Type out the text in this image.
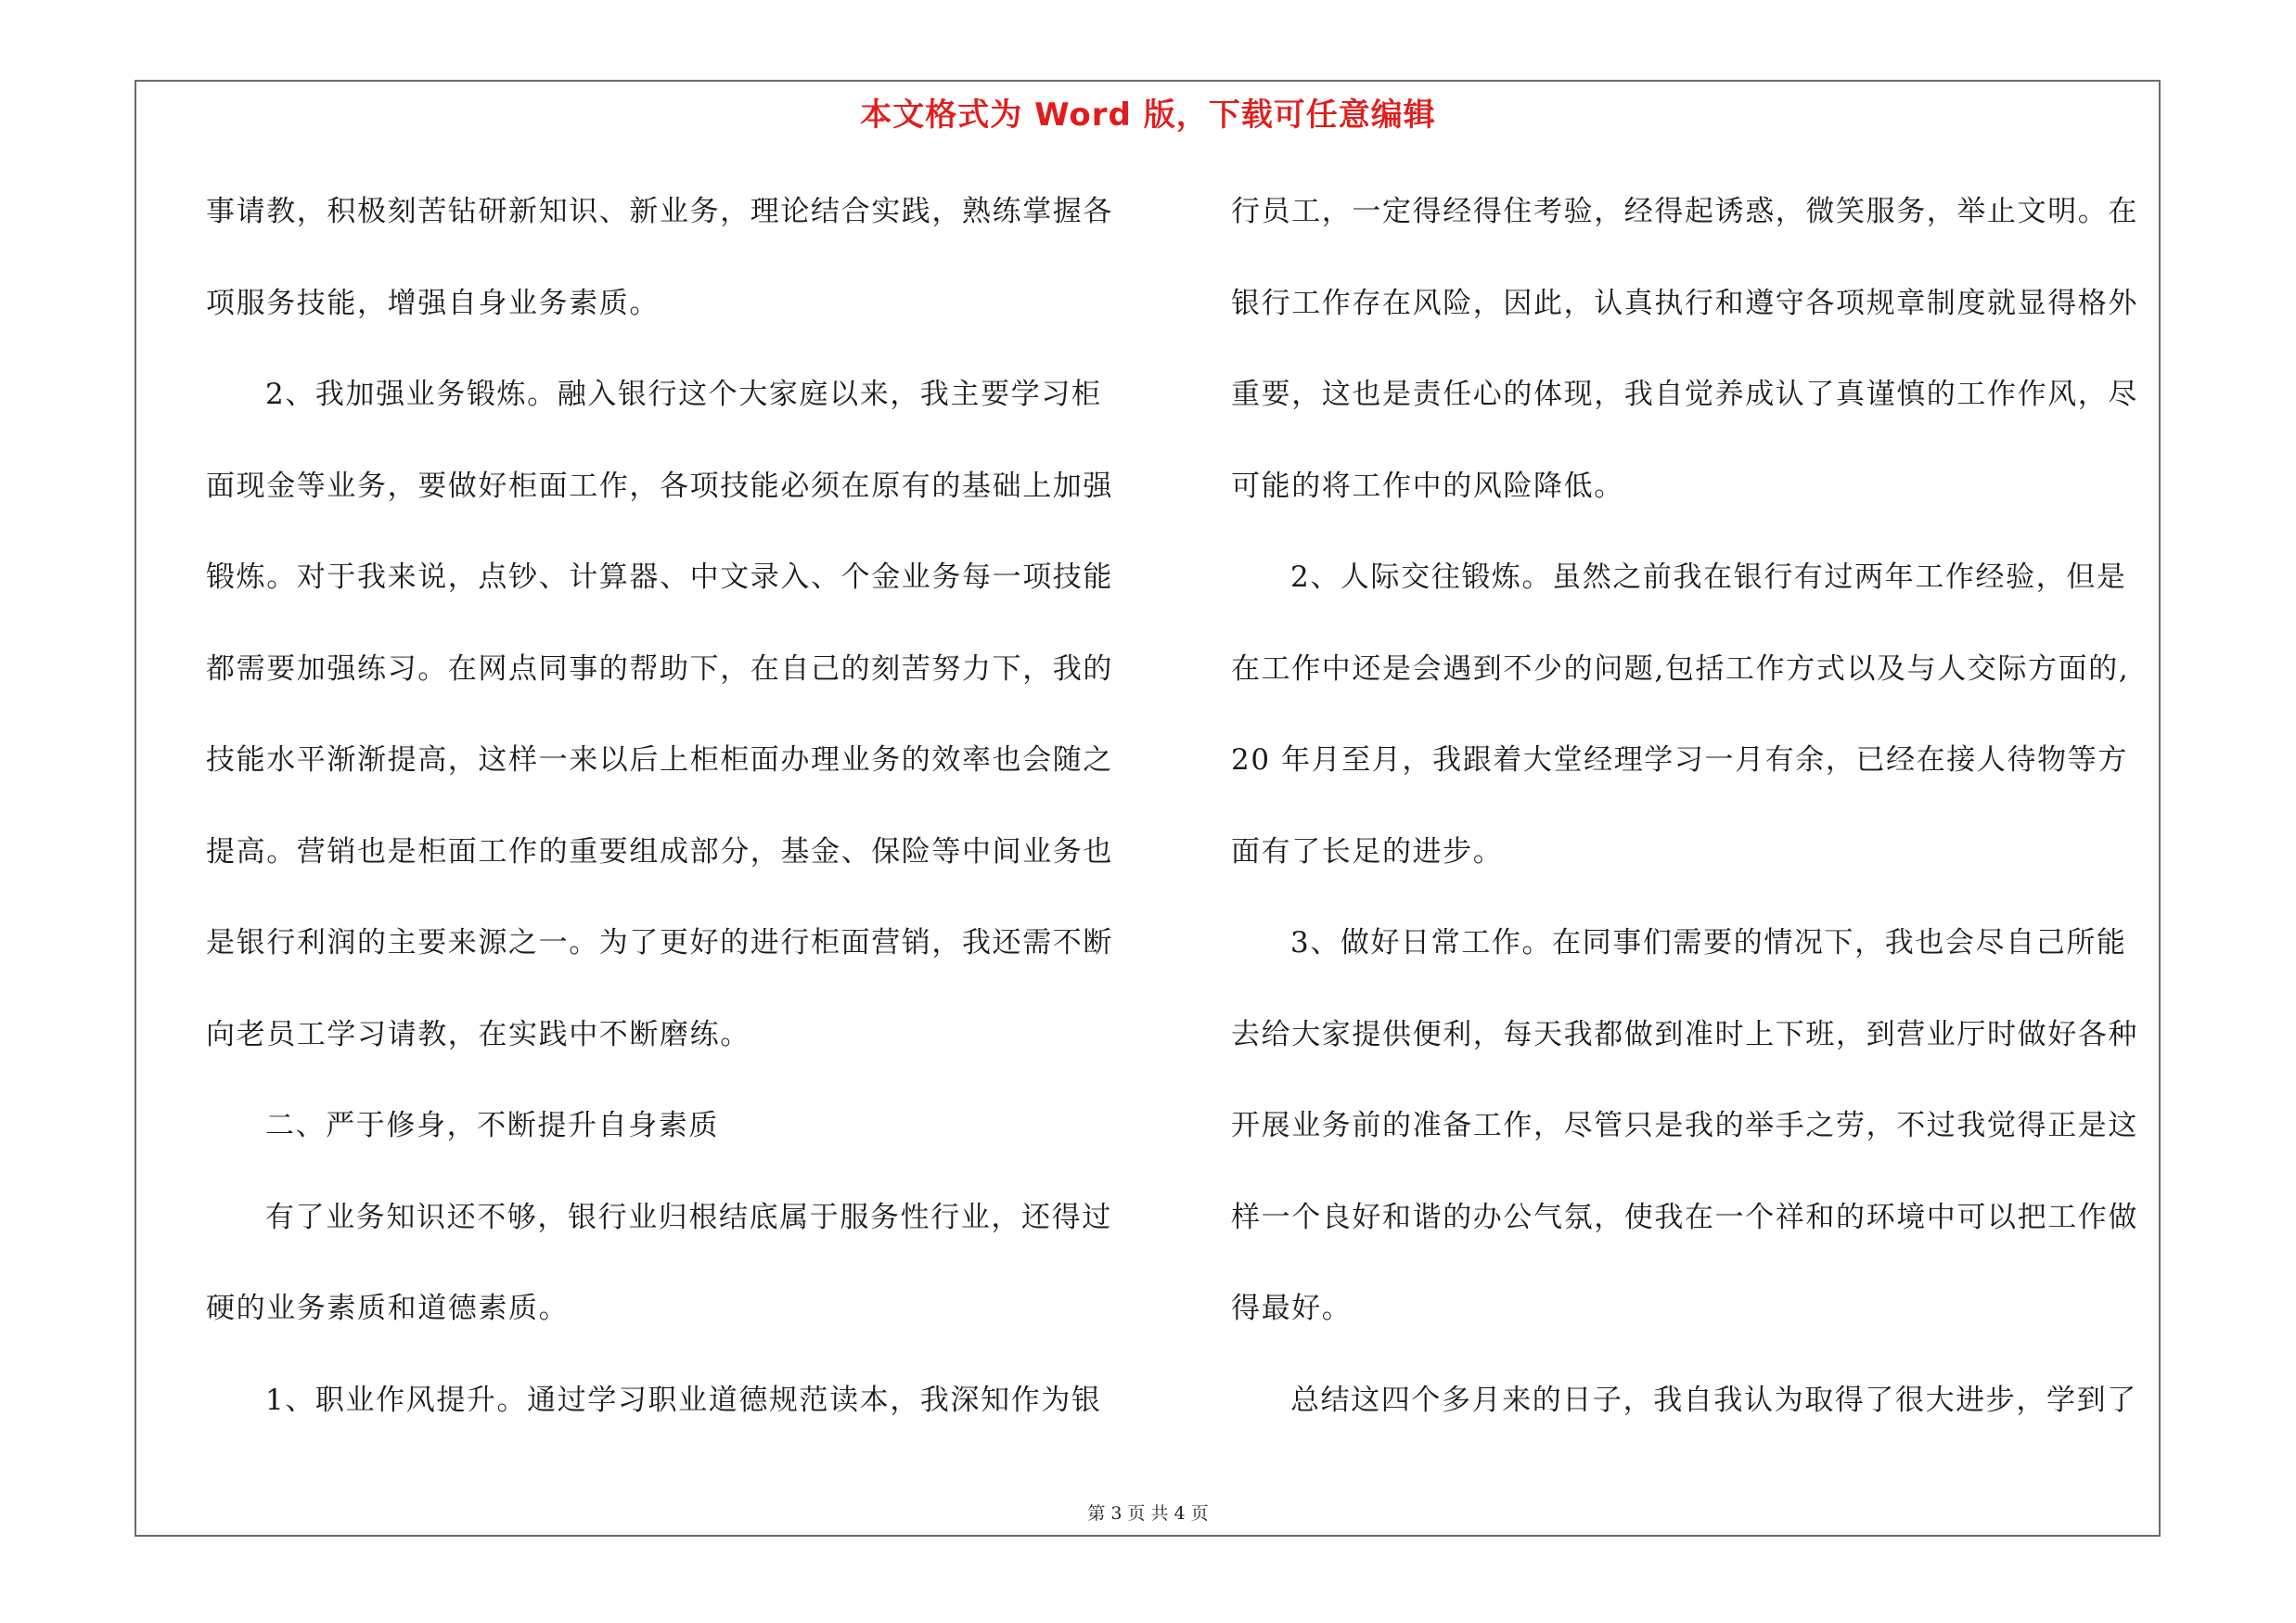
本文格式为 Word 版，下载可任意编辑
事请教，积极刻苦钻研新知识、新业务，理论结合实践，熟练掌握各
项服务技能，增强自身业务素质。
2、我加强业务锻炼。融入银行这个大家庭以来，我主要学习柜
面现金等业务，要做好柜面工作，各项技能必须在原有的基础上加强
锻炼。对于我来说，点钞、计算器、中文录入、个金业务每一项技能
都需要加强练习。在网点同事的帮助下，在自己的刻苦努力下，我的
技能水平渐渐提高，这样一来以后上柜柜面办理业务的效率也会随之
提高。营销也是柜面工作的重要组成部分，基金、保险等中间业务也
是银行利润的主要来源之一。为了更好的进行柜面营销，我还需不断
向老员工学习请教，在实践中不断磨练。
二、严于修身，不断提升自身素质
有了业务知识还不够，银行业归根结底属于服务性行业，还得过
硬的业务素质和道德素质。
1、职业作风提升。通过学习职业道德规范读本，我深知作为银
行员工，一定得经得住考验，经得起诱惑，微笑服务，举止文明。在
银行工作存在风险，因此，认真执行和遵守各项规章制度就显得格外
重要，这也是责任心的体现，我自觉养成认了真谨慎的工作作风，尽
可能的将工作中的风险降低。
2、人际交往锻炼。虽然之前我在银行有过两年工作经验，但是
在工作中还是会遇到不少的问题,包括工作方式以及与人交际方面的,
20 年月至月，我跟着大堂经理学习一月有余，已经在接人待物等方
面有了长足的进步。
3、做好日常工作。在同事们需要的情况下，我也会尽自己所能
去给大家提供便利，每天我都做到准时上下班，到营业厅时做好各种
开展业务前的准备工作，尽管只是我的举手之劳，不过我觉得正是这
样一个良好和谐的办公气氛，使我在一个祥和的环境中可以把工作做
得最好。
总结这四个多月来的日子，我自我认为取得了很大进步，学到了
第 3 页 共 4 页
